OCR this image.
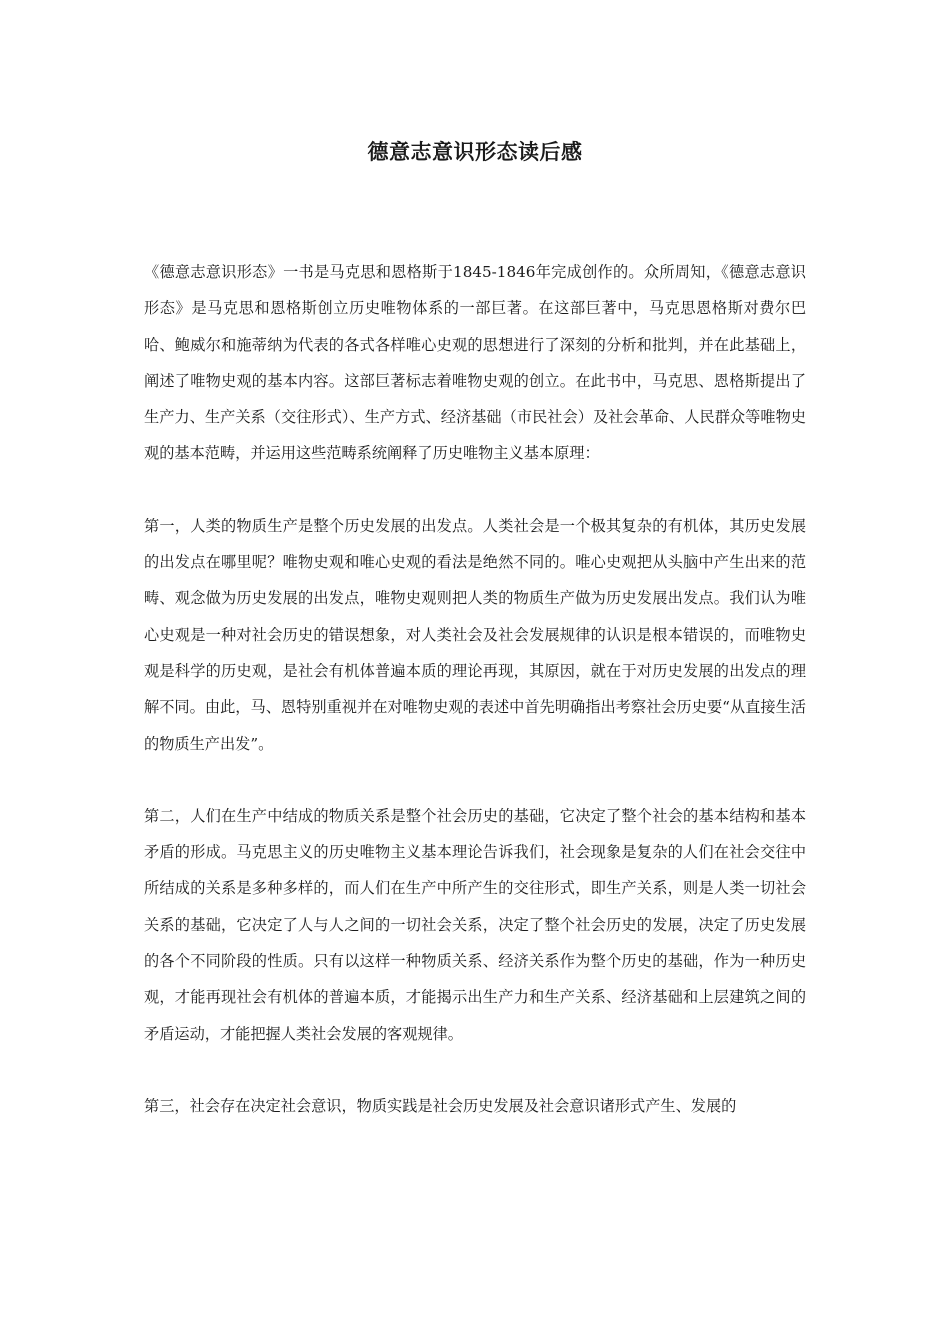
德意志意识形态读后感

《德意志意识形态》一书是马克思和恩格斯于1845-1846年完成创作的。众所周知，《德意志意识形态》是马克思和恩格斯创立历史唯物体系的一部巨著。在这部巨著中，马克思恩格斯对费尔巴哈、鲍威尔和施蒂纳为代表的各式各样唯心史观的思想进行了深刻的分析和批判，并在此基础上，阐述了唯物史观的基本内容。这部巨著标志着唯物史观的创立。在此书中，马克思、恩格斯提出了生产力、生产关系（交往形式）、生产方式、经济基础（市民社会）及社会革命、人民群众等唯物史观的基本范畴，并运用这些范畴系统阐释了历史唯物主义基本原理：

第一，人类的物质生产是整个历史发展的出发点。人类社会是一个极其复杂的有机体，其历史发展的出发点在哪里呢？唯物史观和唯心史观的看法是绝然不同的。唯心史观把从头脑中产生出来的范畴、观念做为历史发展的出发点，唯物史观则把人类的物质生产做为历史发展出发点。我们认为唯心史观是一种对社会历史的错误想象，对人类社会及社会发展规律的认识是根本错误的，而唯物史观是科学的历史观，是社会有机体普遍本质的理论再现，其原因，就在于对历史发展的出发点的理解不同。由此，马、恩特别重视并在对唯物史观的表述中首先明确指出考察社会历史要“从直接生活的物质生产出发”。

第二，人们在生产中结成的物质关系是整个社会历史的基础，它决定了整个社会的基本结构和基本矛盾的形成。马克思主义的历史唯物主义基本理论告诉我们，社会现象是复杂的人们在社会交往中所结成的关系是多种多样的，而人们在生产中所产生的交往形式，即生产关系，则是人类一切社会关系的基础，它决定了人与人之间的一切社会关系，决定了整个社会历史的发展，决定了历史发展的各个不同阶段的性质。只有以这样一种物质关系、经济关系作为整个历史的基础，作为一种历史观，才能再现社会有机体的普遍本质，才能揭示出生产力和生产关系、经济基础和上层建筑之间的矛盾运动，才能把握人类社会发展的客观规律。

第三，社会存在决定社会意识，物质实践是社会历史发展及社会意识诸形式产生、发展的
